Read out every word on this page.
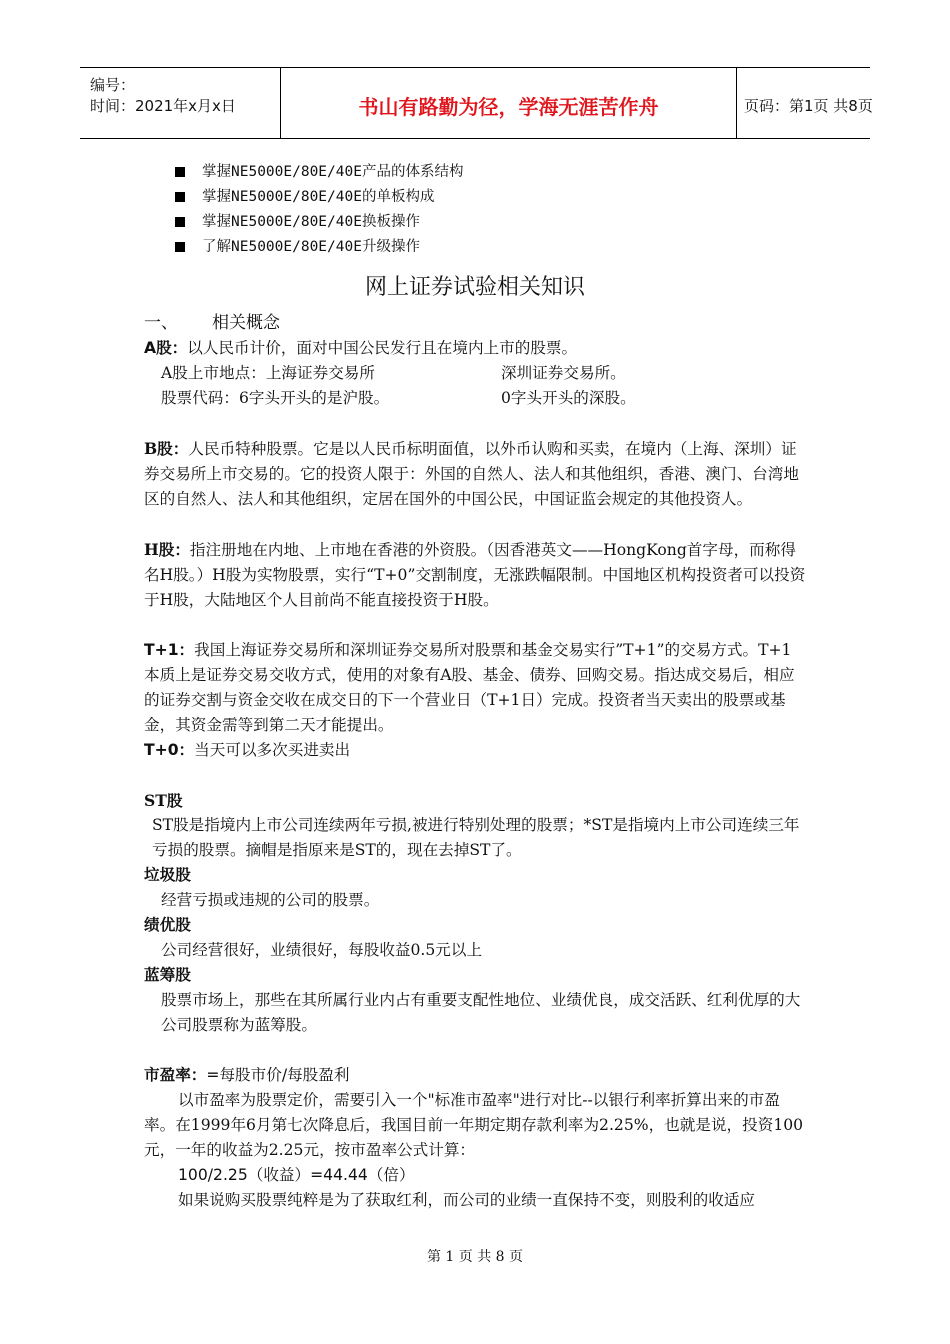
编号：
时间：2021年x月x日	书山有路勤为径，学海无涯苦作舟	页码：第1页 共8页
掌握NE5000E/80E/40E产品的体系结构
掌握NE5000E/80E/40E的单板构成
掌握NE5000E/80E/40E换板操作
了解NE5000E/80E/40E升级操作
网上证券试验相关知识

一、 相关概念

A股：以人民币计价，面对中国公民发行且在境内上市的股票。

A股上市地点：上海证券交易所	深圳证券交易所。
股票代码：6字头开头的是沪股。	0字头开头的深股。

B股：人民币特种股票。它是以人民币标明面值，以外币认购和买卖，在境内（上海、深圳）证券交易所上市交易的。它的投资人限于：外国的自然人、法人和其他组织，香港、澳门、台湾地区的自然人、法人和其他组织，定居在国外的中国公民，中国证监会规定的其他投资人。

H股：指注册地在内地、上市地在香港的外资股。（因香港英文——HongKong首字母，而称得名H股。）H股为实物股票，实行“T+0”交割制度，无涨跌幅限制。中国地区机构投资者可以投资于H股，大陆地区个人目前尚不能直接投资于H股。

T+1：我国上海证券交易所和深圳证券交易所对股票和基金交易实行”T+1”的交易方式。T+1本质上是证券交易交收方式，使用的对象有A股、基金、债券、回购交易。指达成交易后，相应的证券交割与资金交收在成交日的下一个营业日（T+1日）完成。投资者当天卖出的股票或基金，其资金需等到第二天才能提出。

T+0：当天可以多次买进卖出

ST股

ST股是指境内上市公司连续两年亏损,被进行特别处理的股票；*ST是指境内上市公司连续三年亏损的股票。摘帽是指原来是ST的，现在去掉ST了。

垃圾股

经营亏损或违规的公司的股票。

绩优股

公司经营很好，业绩很好，每股收益0.5元以上

蓝筹股

股票市场上，那些在其所属行业内占有重要支配性地位、业绩优良，成交活跃、红利优厚的大公司股票称为蓝筹股。

市盈率：=每股市价/每股盈利

以市盈率为股票定价，需要引入一个"标准市盈率"进行对比--以银行利率折算出来的市盈率。在1999年6月第七次降息后，我国目前一年期定期存款利率为2.25%，也就是说，投资100元，一年的收益为2.25元，按市盈率公式计算：

100/2.25（收益）=44.44（倍）

如果说购买股票纯粹是为了获取红利，而公司的业绩一直保持不变，则股利的收适应

第 1 页 共 8 页
